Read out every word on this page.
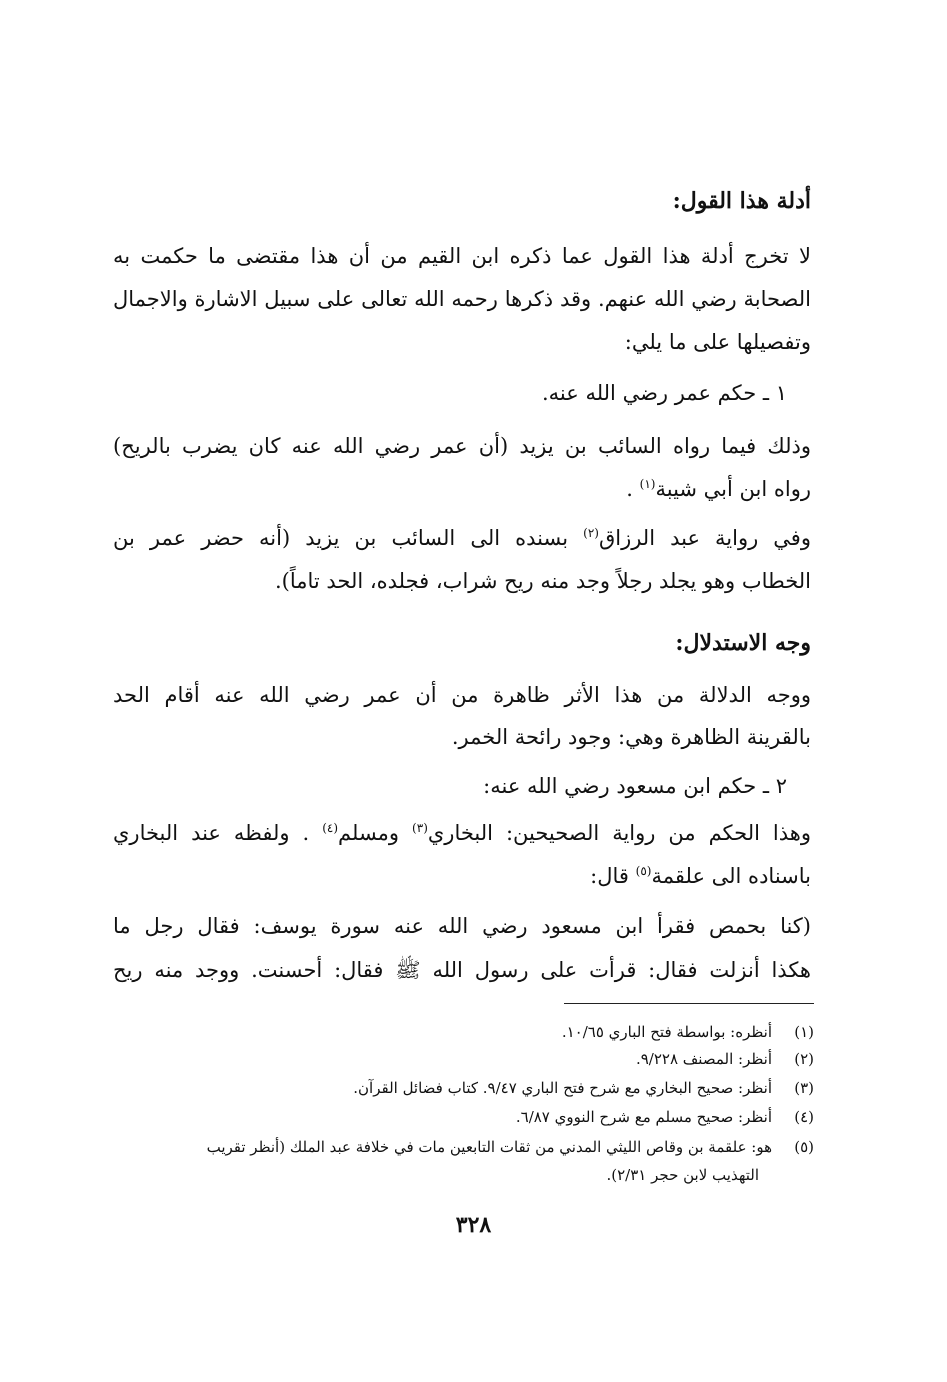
أدلة هذا القول:
لا تخرج أدلة هذا القول عما ذكره ابن القيم من أن هذا مقتضى ما حكمت به
الصحابة رضي الله عنهم. وقد ذكرها رحمه الله تعالى على سبيل الاشارة والاجمال
وتفصيلها على ما يلي:
١ ـ حكم عمر رضي الله عنه.
وذلك فيما رواه السائب بن يزيد (أن عمر رضي الله عنه كان يضرب بالريح)
رواه ابن أبي شيبة$^{(١)}$ .
وفي رواية عبد الرزاق$^{(٢)}$ بسنده الى السائب بن يزيد (أنه حضر عمر بن
الخطاب وهو يجلد رجلاً وجد منه ريح شراب، فجلده، الحد تاماً).
وجه الاستدلال:
ووجه الدلالة من هذا الأثر ظاهرة من أن عمر رضي الله عنه أقام الحد
بالقرينة الظاهرة وهي: وجود رائحة الخمر.
٢ ـ حكم ابن مسعود رضي الله عنه:
وهذا الحكم من رواية الصحيحين: البخاري$^{(٣)}$ ومسلم$^{(٤)}$ . ولفظه عند البخاري
باسناده الى علقمة$^{(٥)}$ قال:
(كنا بحمص فقرأ ابن مسعود رضي الله عنه سورة يوسف: فقال رجل ما
هكذا أنزلت فقال: قرأت على رسول الله ﷺ فقال: أحسنت. ووجد منه ريح
(١)أنظره: بواسطة فتح الباري ١٠/٦٥.
(٢)أنظر: المصنف ٩/٢٢٨.
(٣)أنظر: صحيح البخاري مع شرح فتح الباري ٩/٤٧. كتاب فضائل القرآن.
(٤)أنظر: صحيح مسلم مع شرح النووي ٦/٨٧.
(٥)هو: علقمة بن وقاص الليثي المدني من ثقات التابعين مات في خلافة عبد الملك (أنظر تقريب
التهذيب لابن حجر ٢/٣١).
٣٢٨
